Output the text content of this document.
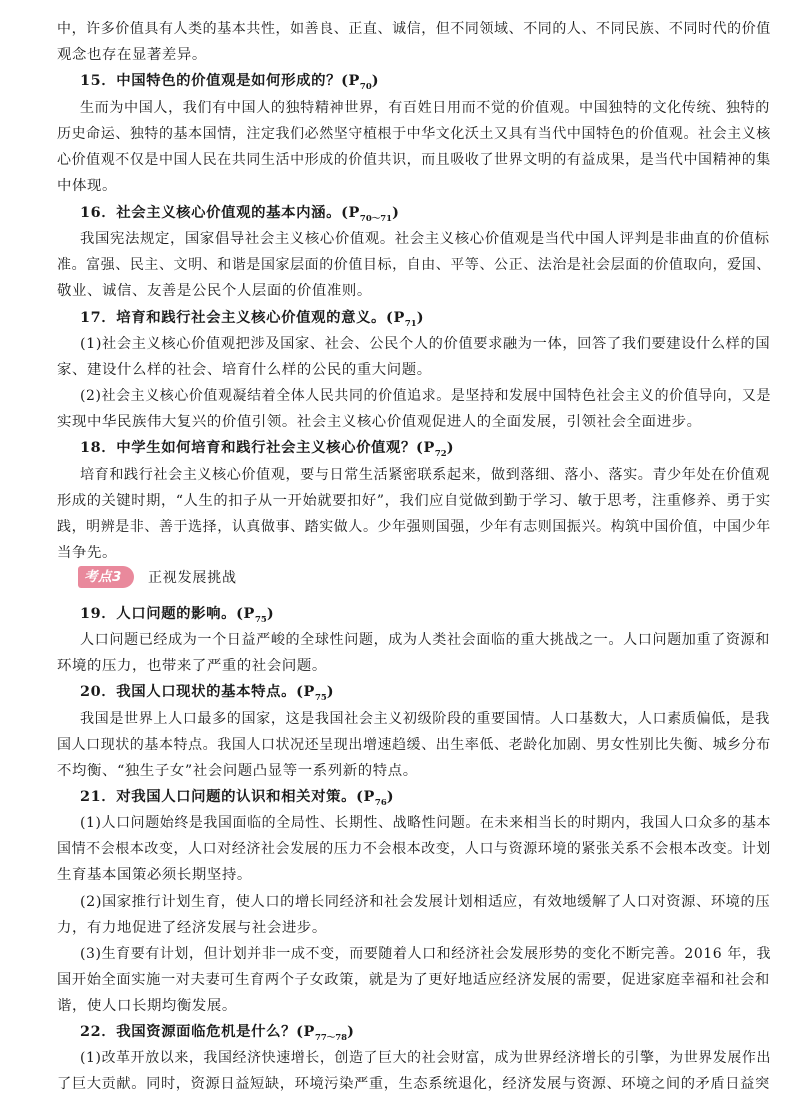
中，许多价值具有人类的基本共性，如善良、正直、诚信，但不同领域、不同的人、不同民族、不同时代的价值
观念也存在显著差异。
15．中国特色的价值观是如何形成的？$(P_{70})$
生而为中国人，我们有中国人的独特精神世界，有百姓日用而不觉的价值观。中国独特的文化传统、独特的
历史命运、独特的基本国情，注定我们必然坚守植根于中华文化沃土又具有当代中国特色的价值观。社会主义核
心价值观不仅是中国人民在共同生活中形成的价值共识，而且吸收了世界文明的有益成果，是当代中国精神的集
中体现。
16．社会主义核心价值观的基本内涵。$(P_{70\sim 71})$
我国宪法规定，国家倡导社会主义核心价值观。社会主义核心价值观是当代中国人评判是非曲直的价值标
准。富强、民主、文明、和谐是国家层面的价值目标，自由、平等、公正、法治是社会层面的价值取向，爱国、
敬业、诚信、友善是公民个人层面的价值准则。
17．培育和践行社会主义核心价值观的意义。$(P_{71})$
(1)社会主义核心价值观把涉及国家、社会、公民个人的价值要求融为一体，回答了我们要建设什么样的国
家、建设什么样的社会、培育什么样的公民的重大问题。
(2)社会主义核心价值观凝结着全体人民共同的价值追求。是坚持和发展中国特色社会主义的价值导向，又是
实现中华民族伟大复兴的价值引领。社会主义核心价值观促进人的全面发展，引领社会全面进步。
18．中学生如何培育和践行社会主义核心价值观？$(P_{72})$
培育和践行社会主义核心价值观，要与日常生活紧密联系起来，做到落细、落小、落实。青少年处在价值观
形成的关键时期，“人生的扣子从一开始就要扣好”，我们应自觉做到勤于学习、敏于思考，注重修养、勇于实
践，明辨是非、善于选择，认真做事、踏实做人。少年强则国强，少年有志则国振兴。构筑中国价值，中国少年
当争先。
19．人口问题的影响。$(P_{75})$
人口问题已经成为一个日益严峻的全球性问题，成为人类社会面临的重大挑战之一。人口问题加重了资源和
环境的压力，也带来了严重的社会问题。
20．我国人口现状的基本特点。$(P_{75})$
我国是世界上人口最多的国家，这是我国社会主义初级阶段的重要国情。人口基数大，人口素质偏低，是我
国人口现状的基本特点。我国人口状况还呈现出增速趋缓、出生率低、老龄化加剧、男女性别比失衡、城乡分布
不均衡、“独生子女”社会问题凸显等一系列新的特点。
21．对我国人口问题的认识和相关对策。$(P_{76})$
(1)人口问题始终是我国面临的全局性、长期性、战略性问题。在未来相当长的时期内，我国人口众多的基本
国情不会根本改变，人口对经济社会发展的压力不会根本改变，人口与资源环境的紧张关系不会根本改变。计划
生育基本国策必须长期坚持。
(2)国家推行计划生育，使人口的增长同经济和社会发展计划相适应，有效地缓解了人口对资源、环境的压
力，有力地促进了经济发展与社会进步。
(3)生育要有计划，但计划并非一成不变，而要随着人口和经济社会发展形势的变化不断完善。2016 年，我
国开始全面实施一对夫妻可生育两个子女政策，就是为了更好地适应经济发展的需要，促进家庭幸福和社会和
谐，使人口长期均衡发展。
22．我国资源面临危机是什么？$(P_{77\sim 78})$
(1)改革开放以来，我国经济快速增长，创造了巨大的社会财富，成为世界经济增长的引擎，为世界发展作出
了巨大贡献。同时，资源日益短缺，环境污染严重，生态系统退化，经济发展与资源、环境之间的矛盾日益突
考点3 正视发展挑战
